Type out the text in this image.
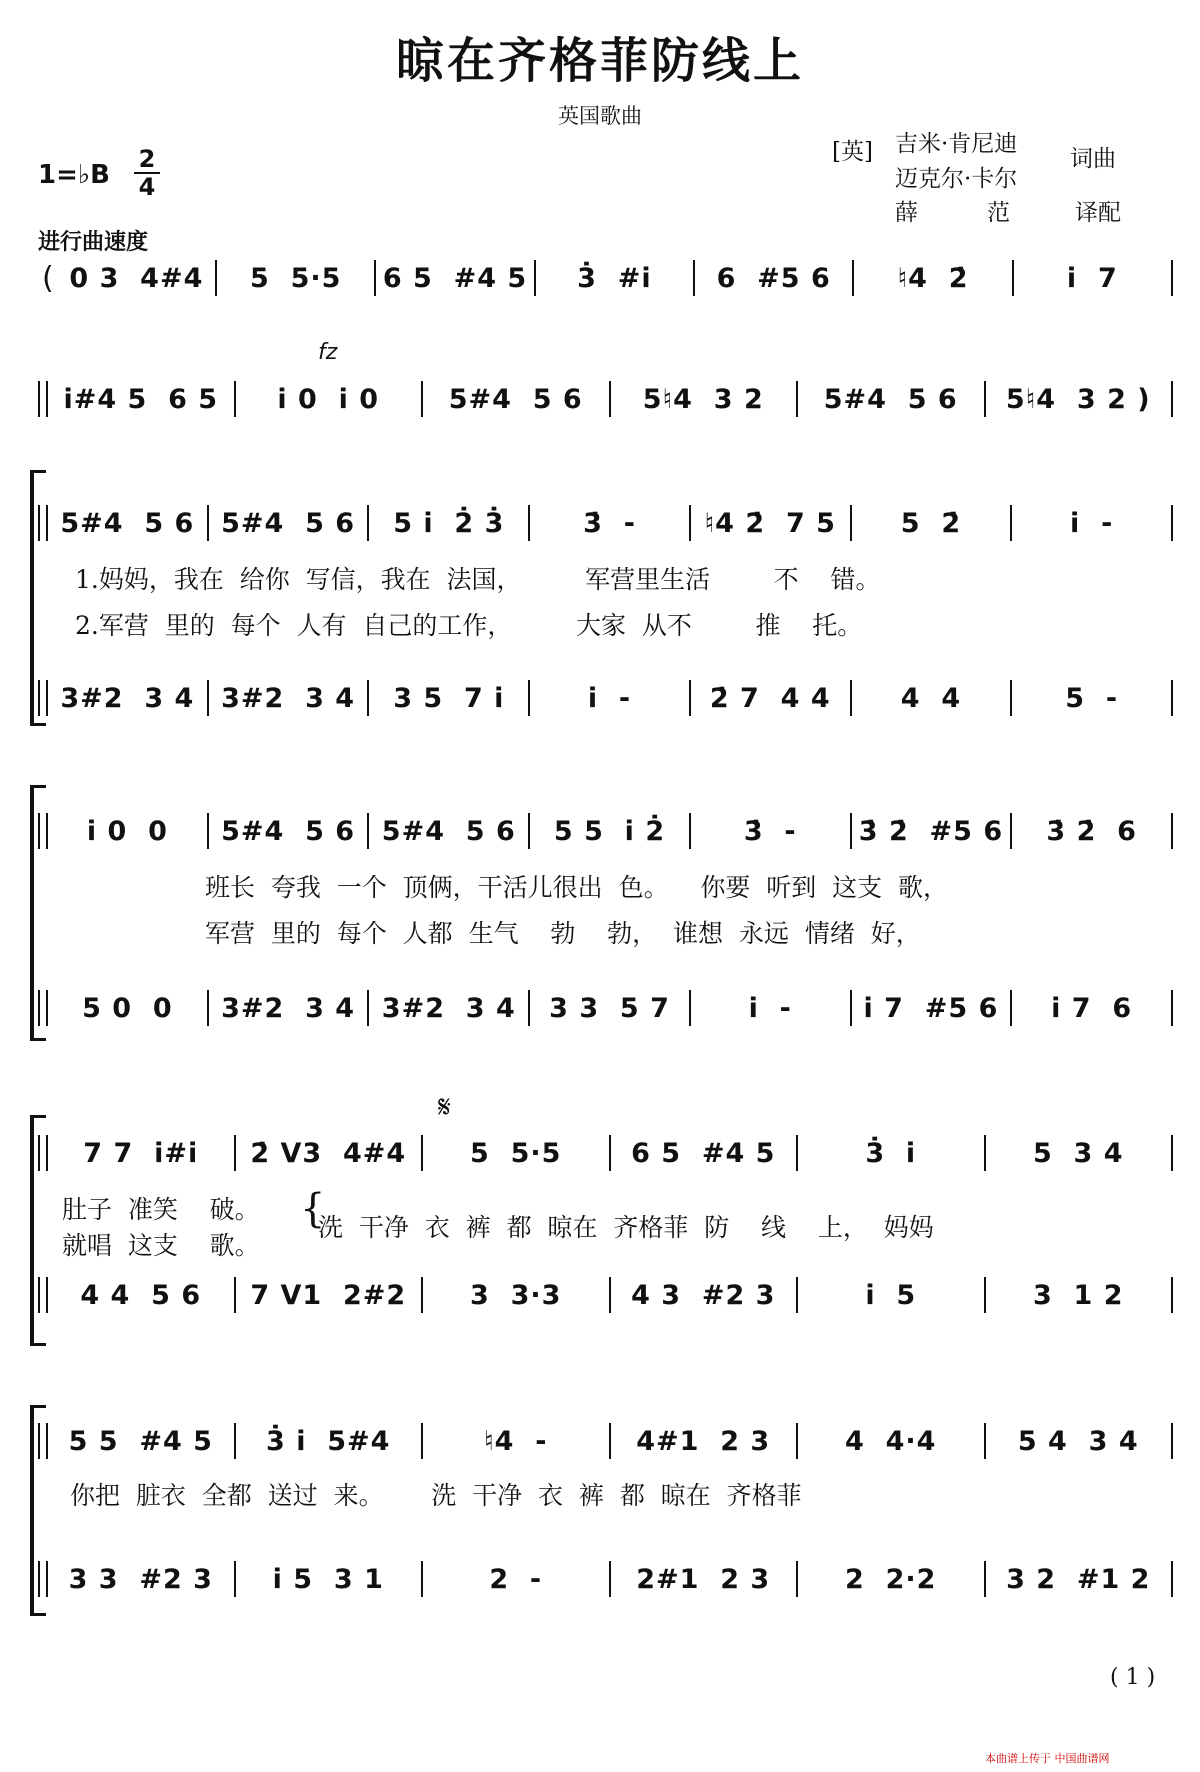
晾在齐格菲防线上
英国歌曲
1=♭B
2
4
进行曲速度
[英] 吉米·肯尼迪
迈克尔·卡尔
词曲
薛　　　范	译配
( 0 3  4#4	5  5·5	6 5  #4 5	3̇  #i	6  #5 6	♮4  2̇	i  7
i#4 5  6 5	i 0  i 0	5#4  5 6	5♮4  3 2	5#4  5 6	5♮4  3 2 )
5#4  5 6 5#4  5 6	5 i  2̇ 3̇	3̇  -	♮4 2̇  7 5	5  2̇	i  -
3#2  3 4 3#2  3 4	3 5  7 i	i  -	2̇ 7  4 4	4  4	5  -
i 0  0	5#4  5 6 5#4  5 6	5 5  i 2̇	3̇  -	3̇ 2̇  #5 6	3̇ 2̇  6
5 0  0	3#2  3 4 3#2  3 4	3 3  5 7	i  -	i 7  #5 6	i 7  6
7 7  i#i	2̇ ᐯ3  4#4	5  5·5	6 5  #4 5	3̇  i	5  3 4
4 4  5 6	7 ᐯ1  2#2	3  3·3	4 3  #2 3	i  5	3  1 2
5 5  #4 5	3̇ i  5#4	♮4  -	4#1  2 3	4  4·4	5 4  3 4
3 3  #2 3	i 5  3 1	2  -	2#1  2 3	2  2·2	3 2  #1 2
fz
𝄋
1.妈妈，我在  给你  写信，我在  法国，        军营里生活        不    错。
2.军营  里的  每个  人有  自己的工作，        大家  从不        推    托。
班长  夸我  一个  顶俩，干活儿很出  色。    你要  听到  这支  歌，
军营  里的  每个  人都  生气    勃    勃，  谁想  永远  情绪  好，
肚子  准笑    破。
就唱  这支    歌。
{
洗  干净  衣  裤  都  晾在  齐格菲  防    线    上，  妈妈
你把  脏衣  全都  送过  来。      洗  干净  衣  裤  都  晾在  齐格菲
( 1 )
本曲谱上传于 中国曲谱网
